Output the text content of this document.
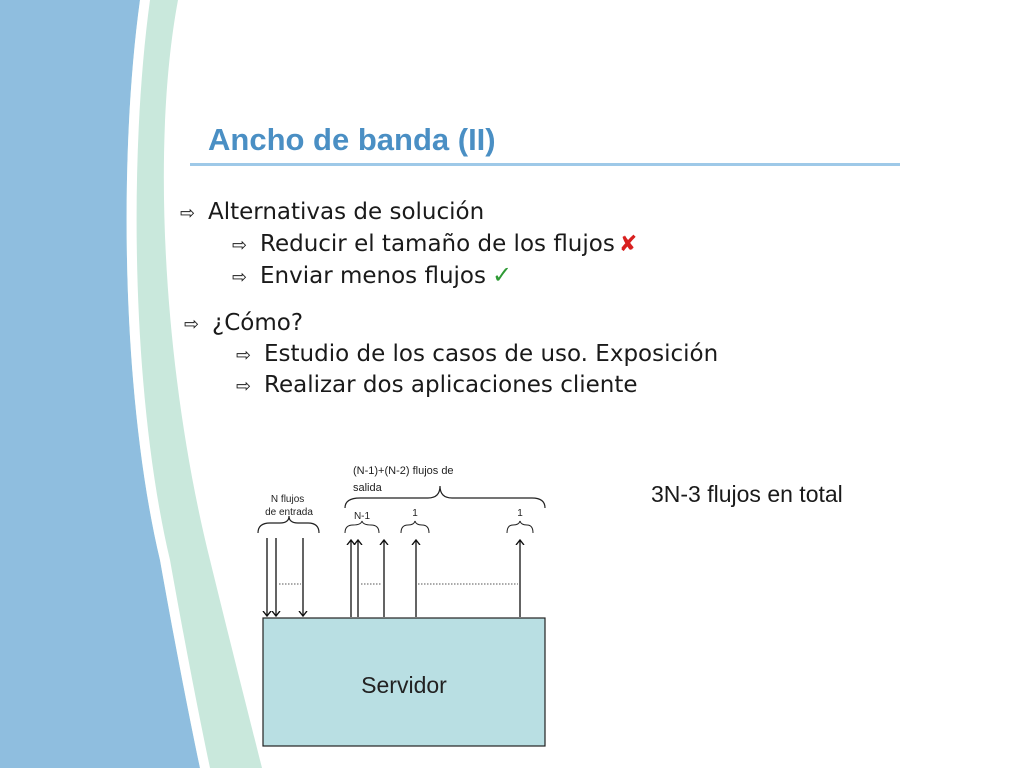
Ancho de banda (II)
⇨ Alternativas de solución
⇨ Reducir el tamaño de los flujos ✘
⇨ Enviar menos flujos ✓
⇨ ¿Cómo?
⇨ Estudio de los casos de uso. Exposición
⇨ Realizar dos aplicaciones cliente
3N-3 flujos en total
Servidor
N flujos de entrada
(N-1)+(N-2) flujos de salida
N-1	1	1
